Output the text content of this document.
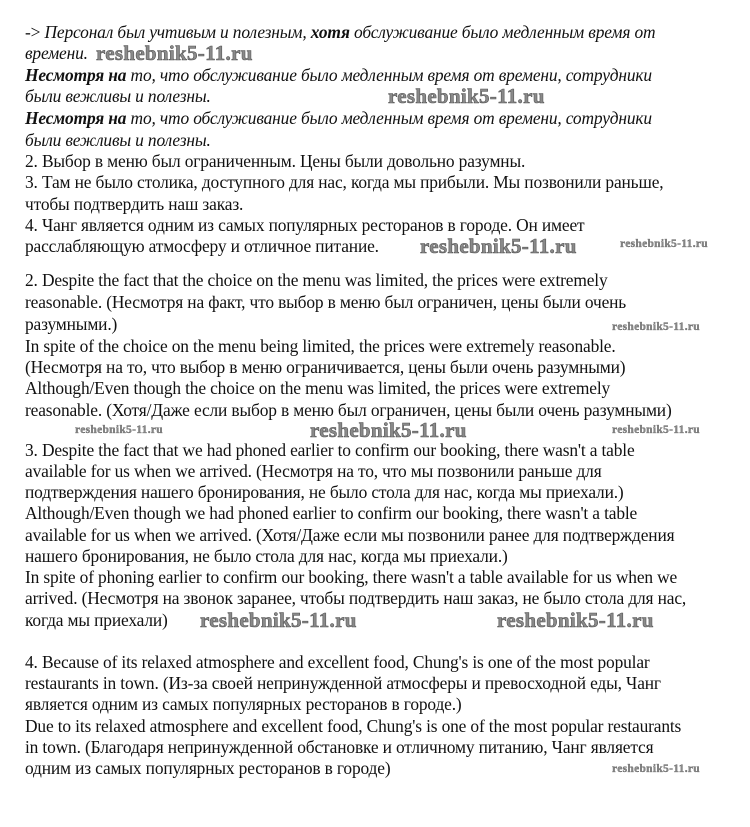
-> Персонал был учтивым и полезным, хотя обслуживание было медленным время от
времени.
Несмотря на то, что обслуживание было медленным время от времени, сотрудники
были вежливы и полезны.
Несмотря на то, что обслуживание было медленным время от времени, сотрудники
были вежливы и полезны.
2. Выбор в меню был ограниченным. Цены были довольно разумны.
3. Там не было столика, доступного для нас, когда мы прибыли. Мы позвонили раньше,
чтобы подтвердить наш заказ.
4. Чанг является одним из самых популярных ресторанов в городе. Он имеет
расслабляющую атмосферу и отличное питание.
2. Despite the fact that the choice on the menu was limited, the prices were extremely
reasonable. (Несмотря на факт, что выбор в меню был ограничен, цены были очень
разумными.)
In spite of the choice on the menu being limited, the prices were extremely reasonable.
(Несмотря на то, что выбор в меню ограничивается, цены были очень разумными)
Although/Even though the choice on the menu was limited, the prices were extremely
reasonable. (Хотя/Даже если выбор в меню был ограничен, цены были очень разумными)
3. Despite the fact that we had phoned earlier to confirm our booking, there wasn't a table
available for us when we arrived. (Несмотря на то, что мы позвонили раньше для
подтверждения нашего бронирования, не было стола для нас, когда мы приехали.)
Although/Even though we had phoned earlier to confirm our booking, there wasn't a table
available for us when we arrived. (Хотя/Даже если мы позвонили ранее для подтверждения
нашего бронирования, не было стола для нас, когда мы приехали.)
In spite of phoning earlier to confirm our booking, there wasn't a table available for us when we
arrived. (Несмотря на звонок заранее, чтобы подтвердить наш заказ, не было стола для нас,
когда мы приехали)
4. Because of its relaxed atmosphere and excellent food, Chung's is one of the most popular
restaurants in town. (Из-за своей непринужденной атмосферы и превосходной еды, Чанг
является одним из самых популярных ресторанов в городе.)
Due to its relaxed atmosphere and excellent food, Chung's is one of the most popular restaurants
in town. (Благодаря непринужденной обстановке и отличному питанию, Чанг является
одним из самых популярных ресторанов в городе)
reshebnik5-11.ru
reshebnik5-11.ru
reshebnik5-11.ru
reshebnik5-11.ru
reshebnik5-11.ru
reshebnik5-11.ru
reshebnik5-11.ru	reshebnik5-11.ru
reshebnik5-11.ru	reshebnik5-11.ru
reshebnik5-11.ru
